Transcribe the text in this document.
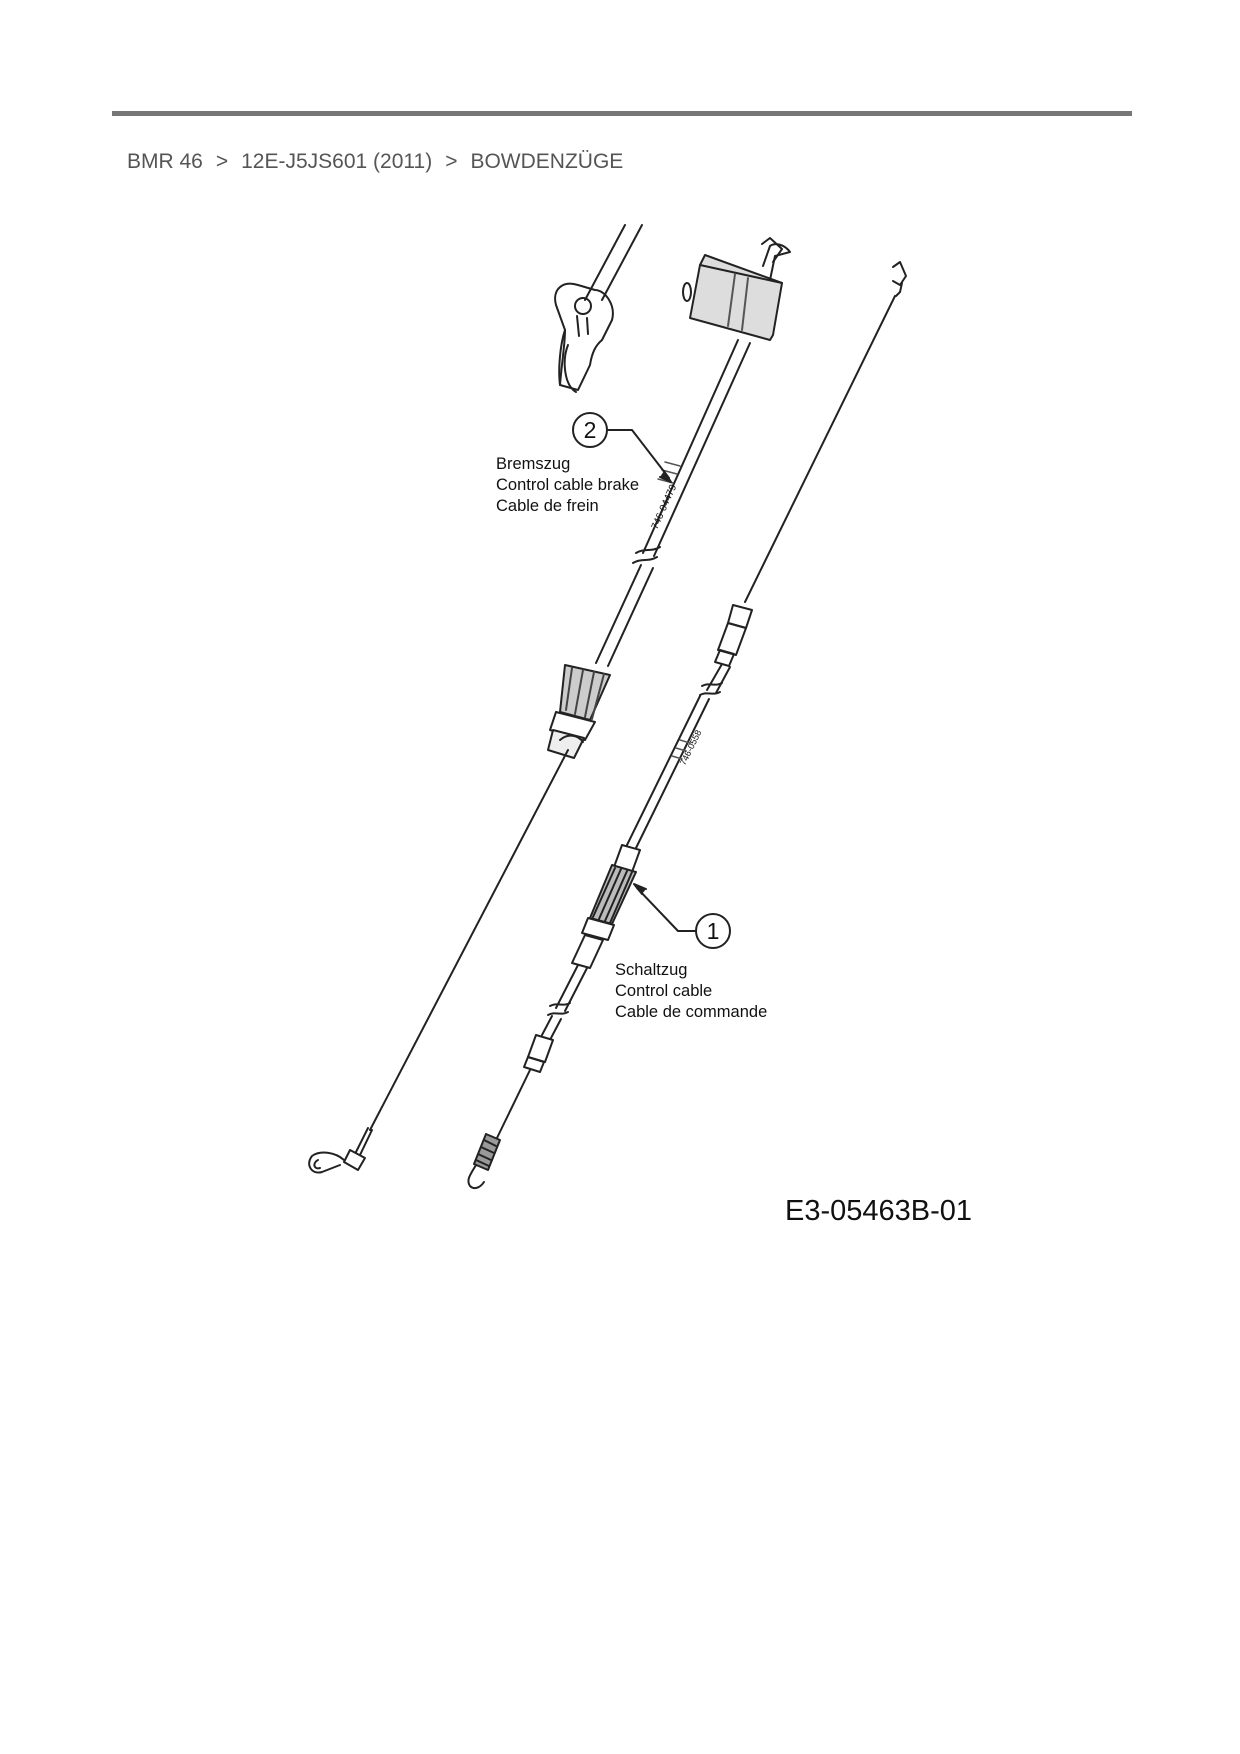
BMR 46 > 12E-J5JS601 (2011) > BOWDENZÜGE
2
1
746-04479
746-0558
Bremszug
Control cable brake
Cable de frein
Schaltzug
Control cable
Cable de commande
E3-05463B-01
